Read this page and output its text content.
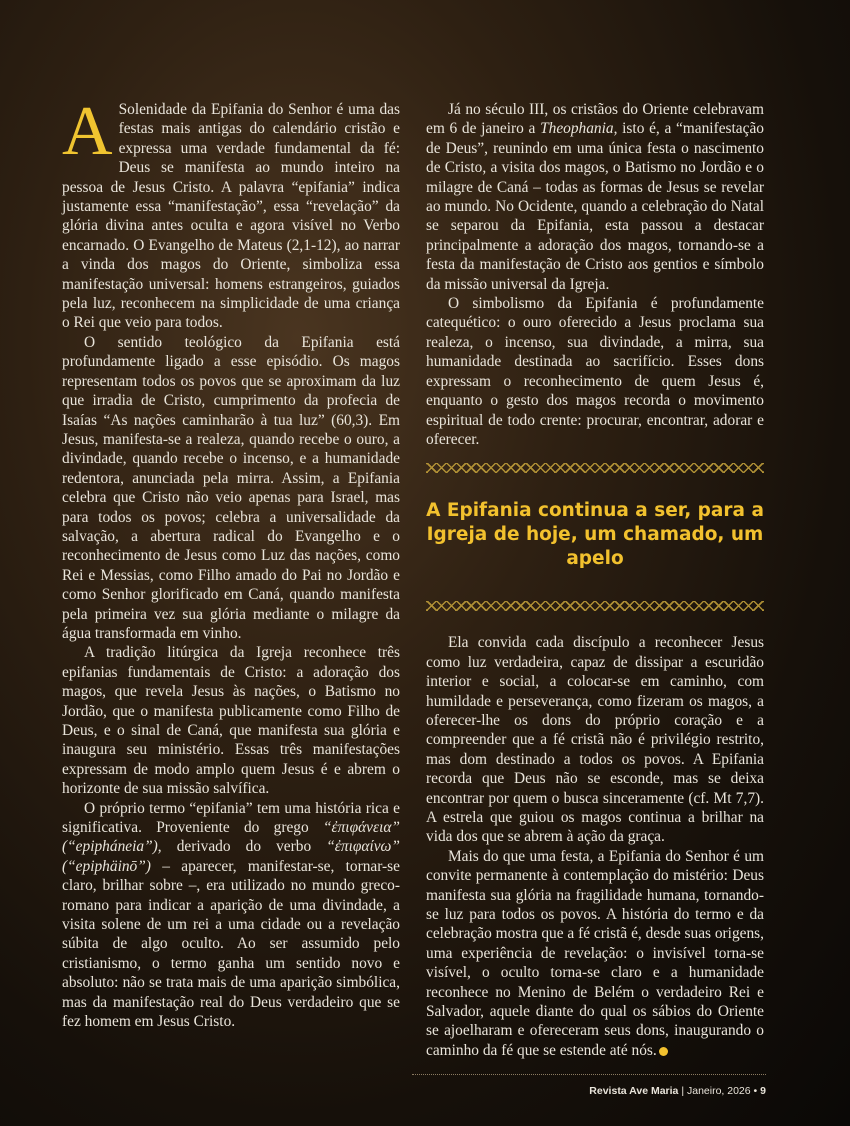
A Solenidade da Epifania do Senhor é uma das festas mais antigas do calendário cristão e expressa uma verdade fundamental da fé: Deus se manifesta ao mundo inteiro na pessoa de Jesus Cristo. A palavra “epifania” indica justamente essa “manifestação”, essa “revelação” da glória divina antes oculta e agora visível no Verbo encarnado. O Evangelho de Mateus (2,1-12), ao narrar a vinda dos magos do Oriente, simboliza essa manifestação universal: homens estrangeiros, guiados pela luz, reconhecem na simplicidade de uma criança o Rei que veio para todos.

O sentido teológico da Epifania está profundamente ligado a esse episódio. Os magos representam todos os povos que se aproximam da luz que irradia de Cristo, cumprimento da profecia de Isaías “As nações caminharão à tua luz” (60,3). Em Jesus, manifesta-se a realeza, quando recebe o ouro, a divindade, quando recebe o incenso, e a humanidade redentora, anunciada pela mirra. Assim, a Epifania celebra que Cristo não veio apenas para Israel, mas para todos os povos; celebra a universalidade da salvação, a abertura radical do Evangelho e o reconhecimento de Jesus como Luz das nações, como Rei e Messias, como Filho amado do Pai no Jordão e como Senhor glorificado em Caná, quando manifesta pela primeira vez sua glória mediante o milagre da água transformada em vinho.

A tradição litúrgica da Igreja reconhece três epifanias fundamentais de Cristo: a adoração dos magos, que revela Jesus às nações, o Batismo no Jordão, que o manifesta publicamente como Filho de Deus, e o sinal de Caná, que manifesta sua glória e inaugura seu ministério. Essas três manifestações expressam de modo amplo quem Jesus é e abrem o horizonte de sua missão salvífica.

O próprio termo “epifania” tem uma história rica e significativa. Proveniente do grego “ἐπιφάνεια” (“epipháneia”), derivado do verbo “ἐπιφαίνω” (“epiphäinō”) – aparecer, manifestar-se, tornar-se claro, brilhar sobre –, era utilizado no mundo greco-romano para indicar a aparição de uma divindade, a visita solene de um rei a uma cidade ou a revelação súbita de algo oculto. Ao ser assumido pelo cristianismo, o termo ganha um sentido novo e absoluto: não se trata mais de uma aparição simbólica, mas da manifestação real do Deus verdadeiro que se fez homem em Jesus Cristo.

Já no século III, os cristãos do Oriente celebravam em 6 de janeiro a Theophania, isto é, a “manifestação de Deus”, reunindo em uma única festa o nascimento de Cristo, a visita dos magos, o Batismo no Jordão e o milagre de Caná – todas as formas de Jesus se revelar ao mundo. No Ocidente, quando a celebração do Natal se separou da Epifania, esta passou a destacar principalmente a adoração dos magos, tornando-se a festa da manifestação de Cristo aos gentios e símbolo da missão universal da Igreja.

O simbolismo da Epifania é profundamente catequético: o ouro oferecido a Jesus proclama sua realeza, o incenso, sua divindade, a mirra, sua humanidade destinada ao sacrifício. Esses dons expressam o reconhecimento de quem Jesus é, enquanto o gesto dos magos recorda o movimento espiritual de todo crente: procurar, encontrar, adorar e oferecer.

A Epifania continua a ser, para a Igreja de hoje, um chamado, um apelo

Ela convida cada discípulo a reconhecer Jesus como luz verdadeira, capaz de dissipar a escuridão interior e social, a colocar-se em caminho, com humildade e perseverança, como fizeram os magos, a oferecer-lhe os dons do próprio coração e a compreender que a fé cristã não é privilégio restrito, mas dom destinado a todos os povos. A Epifania recorda que Deus não se esconde, mas se deixa encontrar por quem o busca sinceramente (cf. Mt 7,7). A estrela que guiou os magos continua a brilhar na vida dos que se abrem à ação da graça.

Mais do que uma festa, a Epifania do Senhor é um convite permanente à contemplação do mistério: Deus manifesta sua glória na fragilidade humana, tornando-se luz para todos os povos. A história do termo e da celebração mostra que a fé cristã é, desde suas origens, uma experiência de revelação: o invisível torna-se visível, o oculto torna-se claro e a humanidade reconhece no Menino de Belém o verdadeiro Rei e Salvador, aquele diante do qual os sábios do Oriente se ajoelharam e ofereceram seus dons, inaugurando o caminho da fé que se estende até nós.

Revista Ave Maria | Janeiro, 2026 • 9
